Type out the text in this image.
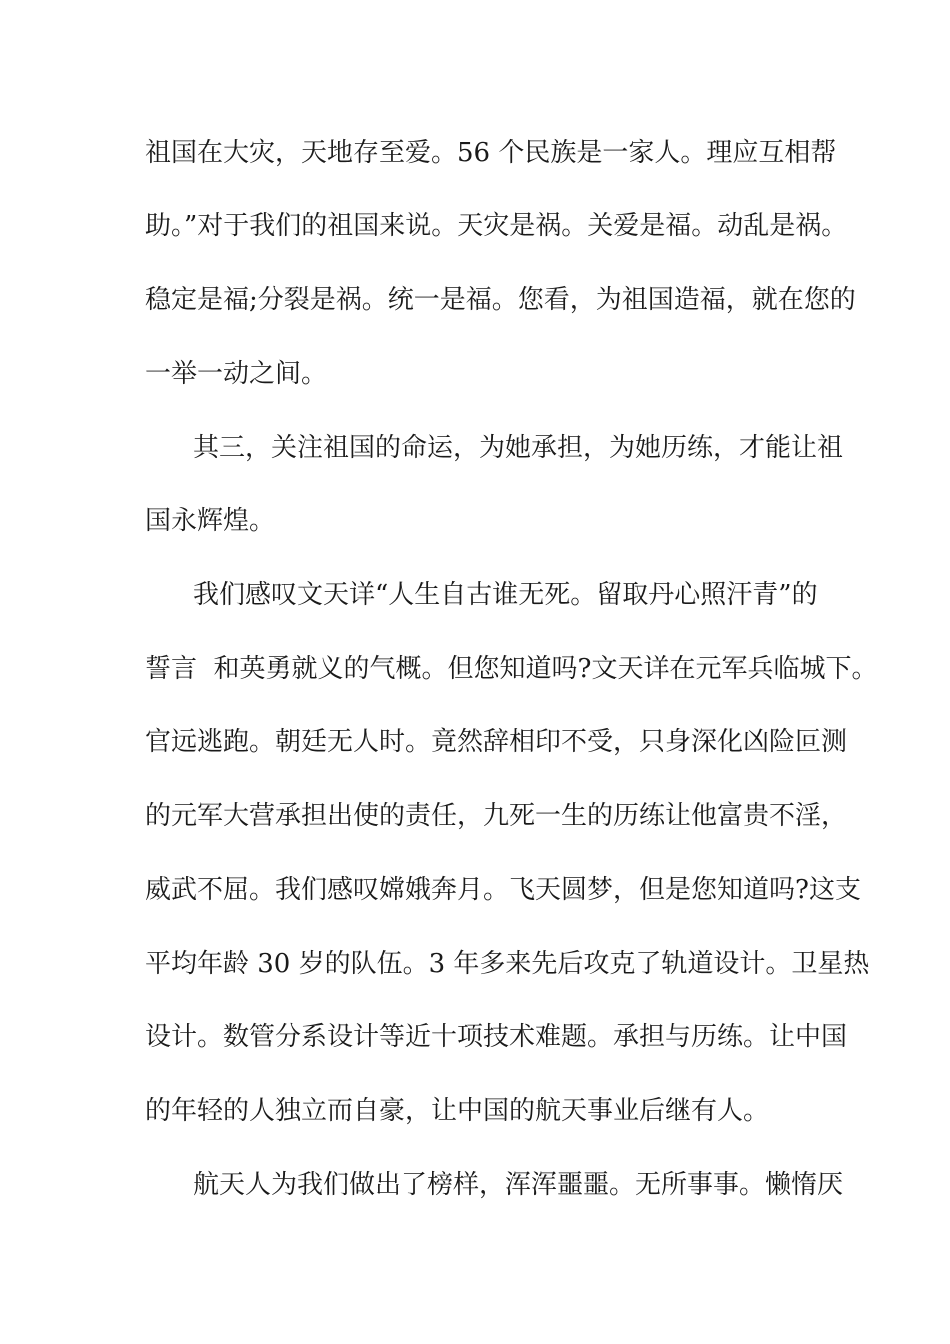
祖国在大灾，天地存至爱。56 个民族是一家人。理应互相帮
助。”对于我们的祖国来说。天灾是祸。关爱是福。动乱是祸。
稳定是福;分裂是祸。统一是福。您看，为祖国造福，就在您的
一举一动之间。
其三，关注祖国的命运，为她承担，为她历练，才能让祖
国永辉煌。
我们感叹文天详“人生自古谁无死。留取丹心照汗青”的
誓言  和英勇就义的气概。但您知道吗?文天详在元军兵临城下。
官远逃跑。朝廷无人时。竟然辞相印不受，只身深化凶险叵测
的元军大营承担出使的责任，九死一生的历练让他富贵不淫，
威武不屈。我们感叹嫦娥奔月。飞天圆梦，但是您知道吗?这支
平均年龄 30 岁的队伍。3 年多来先后攻克了轨道设计。卫星热
设计。数管分系设计等近十项技术难题。承担与历练。让中国
的年轻的人独立而自豪，让中国的航天事业后继有人。
航天人为我们做出了榜样，浑浑噩噩。无所事事。懒惰厌
